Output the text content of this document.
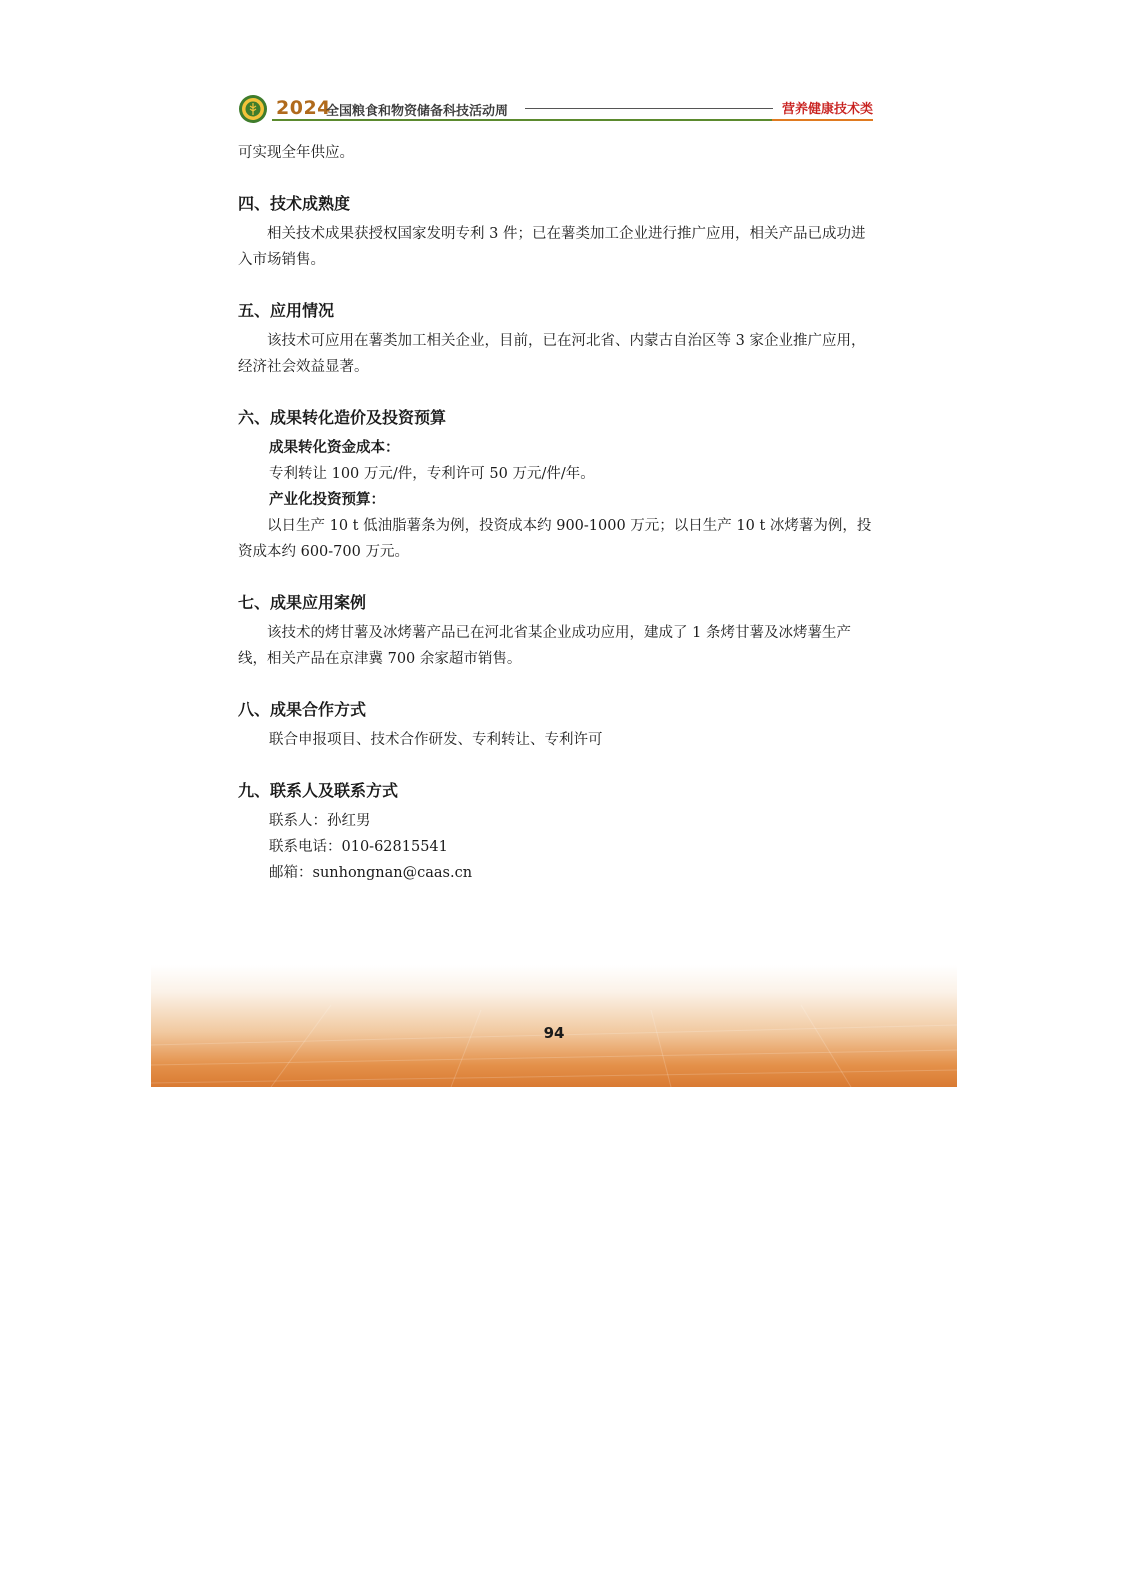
2024
全国粮食和物资储备科技活动周	营养健康技术类

可实现全年供应。

四、技术成熟度

相关技术成果获授权国家发明专利 3 件；已在薯类加工企业进行推广应用，相关产品已成功进入市场销售。

五、应用情况

该技术可应用在薯类加工相关企业，目前，已在河北省、内蒙古自治区等 3 家企业推广应用，经济社会效益显著。

六、成果转化造价及投资预算

成果转化资金成本：

专利转让 100 万元/件，专利许可 50 万元/件/年。

产业化投资预算：

以日生产 10 t 低油脂薯条为例，投资成本约 900-1000 万元；以日生产 10 t 冰烤薯为例，投资成本约 600-700 万元。

七、成果应用案例

该技术的烤甘薯及冰烤薯产品已在河北省某企业成功应用，建成了 1 条烤甘薯及冰烤薯生产线，相关产品在京津冀 700 余家超市销售。

八、成果合作方式

联合申报项目、技术合作研发、专利转让、专利许可

九、联系人及联系方式

联系人：孙红男

联系电话：010-62815541

邮箱：sunhongnan@caas.cn

94
